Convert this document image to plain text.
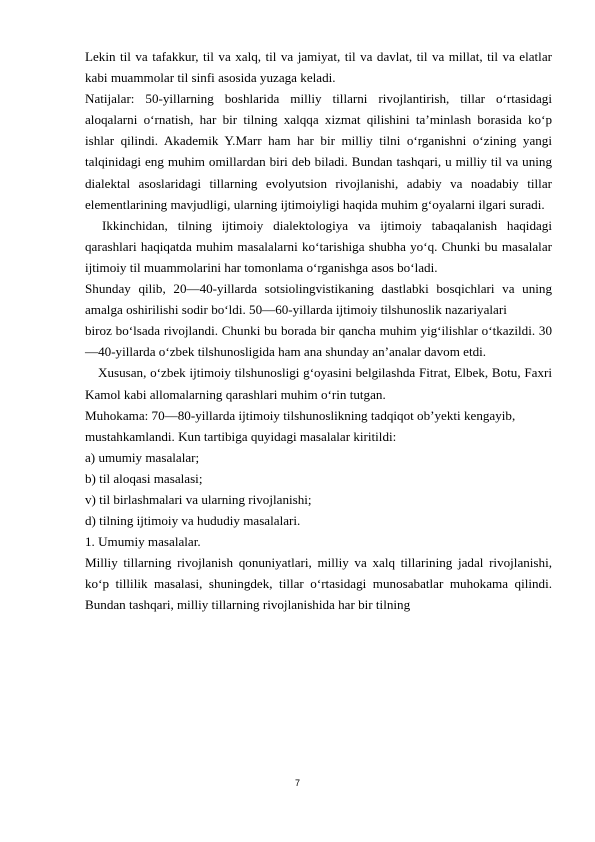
Lekin til va tafakkur, til va xalq, til va jamiyat, til va davlat, til va millat, til va elatlar kabi muammolar til sinfi asosida yuzaga keladi.

Natijalar: 50-yillarning boshlarida milliy tillarni rivojlantirish, tillar o‘rtasidagi aloqalarni o‘rnatish, har bir tilning xalqqa xizmat qilishini ta’minlash borasida ko‘p ishlar qilindi. Akademik Y.Marr ham har bir milliy tilni o‘rganishni o‘zining yangi talqinidagi eng muhim omillardan biri deb biladi. Bundan tashqari, u milliy til va uning dialektal asoslaridagi tillarning evolyutsion rivojlanishi, adabiy va noadabiy tillar elementlarining mavjudligi, ularning ijtimoiyligi haqida muhim g‘oyalarni ilgari suradi.

Ikkinchidan, tilning ijtimoiy dialektologiya va ijtimoiy tabaqalanish haqidagi qarashlari haqiqatda muhim masalalarni ko‘tarishiga shubha yo‘q. Chunki bu masalalar ijtimoiy til muammolarini har tomonlama o‘rganishga asos bo‘ladi.

Shunday qilib, 20—40-yillarda sotsiolingvistikaning dastlabki bosqichlari va uning amalga oshirilishi sodir bo‘ldi. 50—60-yillarda ijtimoiy tilshunoslik nazariyalari

biroz bo‘lsada rivojlandi. Chunki bu borada bir qancha muhim yig‘ilishlar o‘tkazildi. 30—40-yillarda o‘zbek tilshunosligida ham ana shunday an’analar davom etdi.

Xususan, o‘zbek ijtimoiy tilshunosligi g‘oyasini belgilashda Fitrat, Elbek, Botu, Faxri Kamol kabi allomalarning qarashlari muhim o‘rin tutgan.

Muhokama: 70—80-yillarda ijtimoiy tilshunoslikning tadqiqot ob’yekti kengayib,

mustahkamlandi. Kun tartibiga quyidagi masalalar kiritildi:

a) umumiy masalalar;

b) til aloqasi masalasi;

v) til birlashmalari va ularning rivojlanishi;

d) tilning ijtimoiy va hududiy masalalari.

1. Umumiy masalalar.

Milliy tillarning rivojlanish qonuniyatlari, milliy va xalq tillarining jadal rivojlanishi, ko‘p tillilik masalasi, shuningdek, tillar o‘rtasidagi munosabatlar muhokama qilindi. Bundan tashqari, milliy tillarning rivojlanishida har bir tilning

7
